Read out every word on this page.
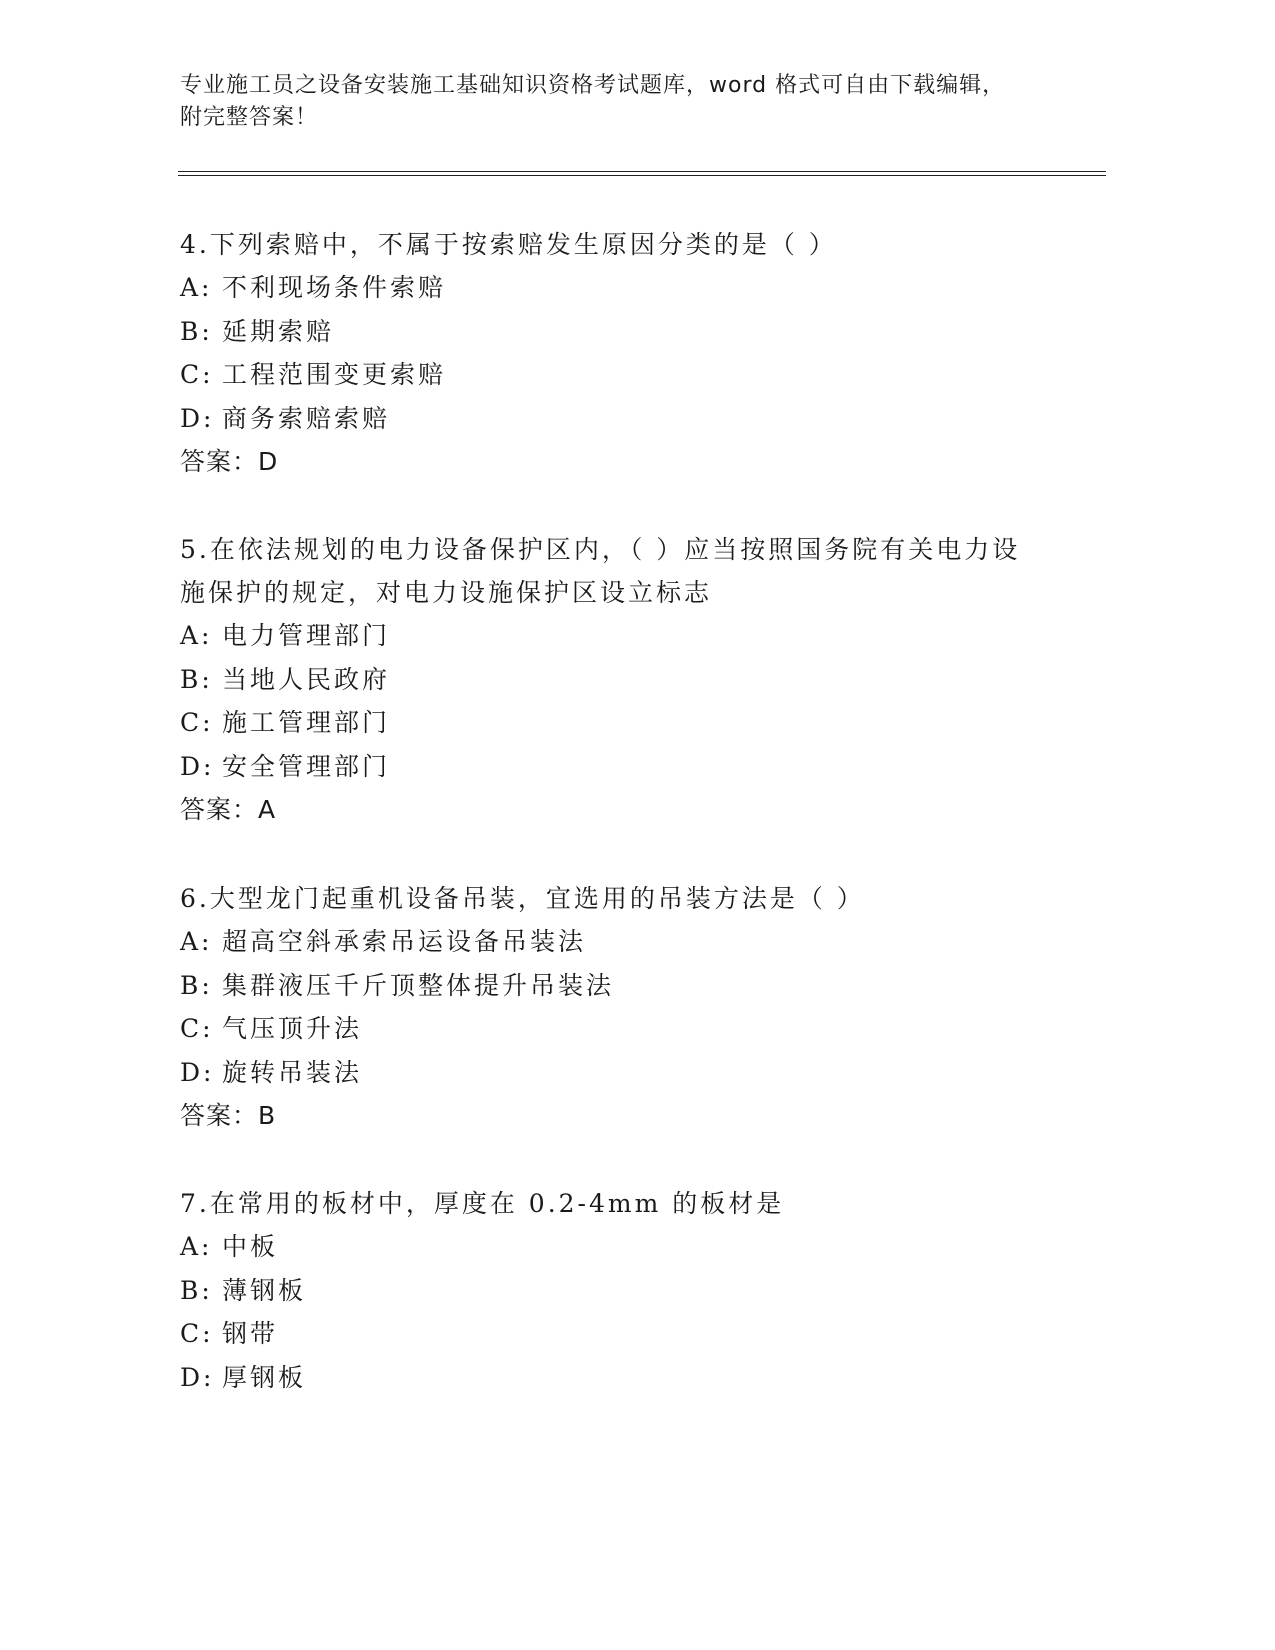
专业施工员之设备安装施工基础知识资格考试题库，word 格式可自由下载编辑，
附完整答案！
4.下列索赔中，不属于按索赔发生原因分类的是（ ）
A: 不利现场条件索赔
B: 延期索赔
C: 工程范围变更索赔
D: 商务索赔索赔
答案：D
5.在依法规划的电力设备保护区内，（ ）应当按照国务院有关电力设
施保护的规定，对电力设施保护区设立标志
A: 电力管理部门
B: 当地人民政府
C: 施工管理部门
D: 安全管理部门
答案：A
6.大型龙门起重机设备吊装，宜选用的吊装方法是（ ）
A: 超高空斜承索吊运设备吊装法
B: 集群液压千斤顶整体提升吊装法
C: 气压顶升法
D: 旋转吊装法
答案：B
7.在常用的板材中，厚度在 0.2-4mm 的板材是
A: 中板
B: 薄钢板
C: 钢带
D: 厚钢板
